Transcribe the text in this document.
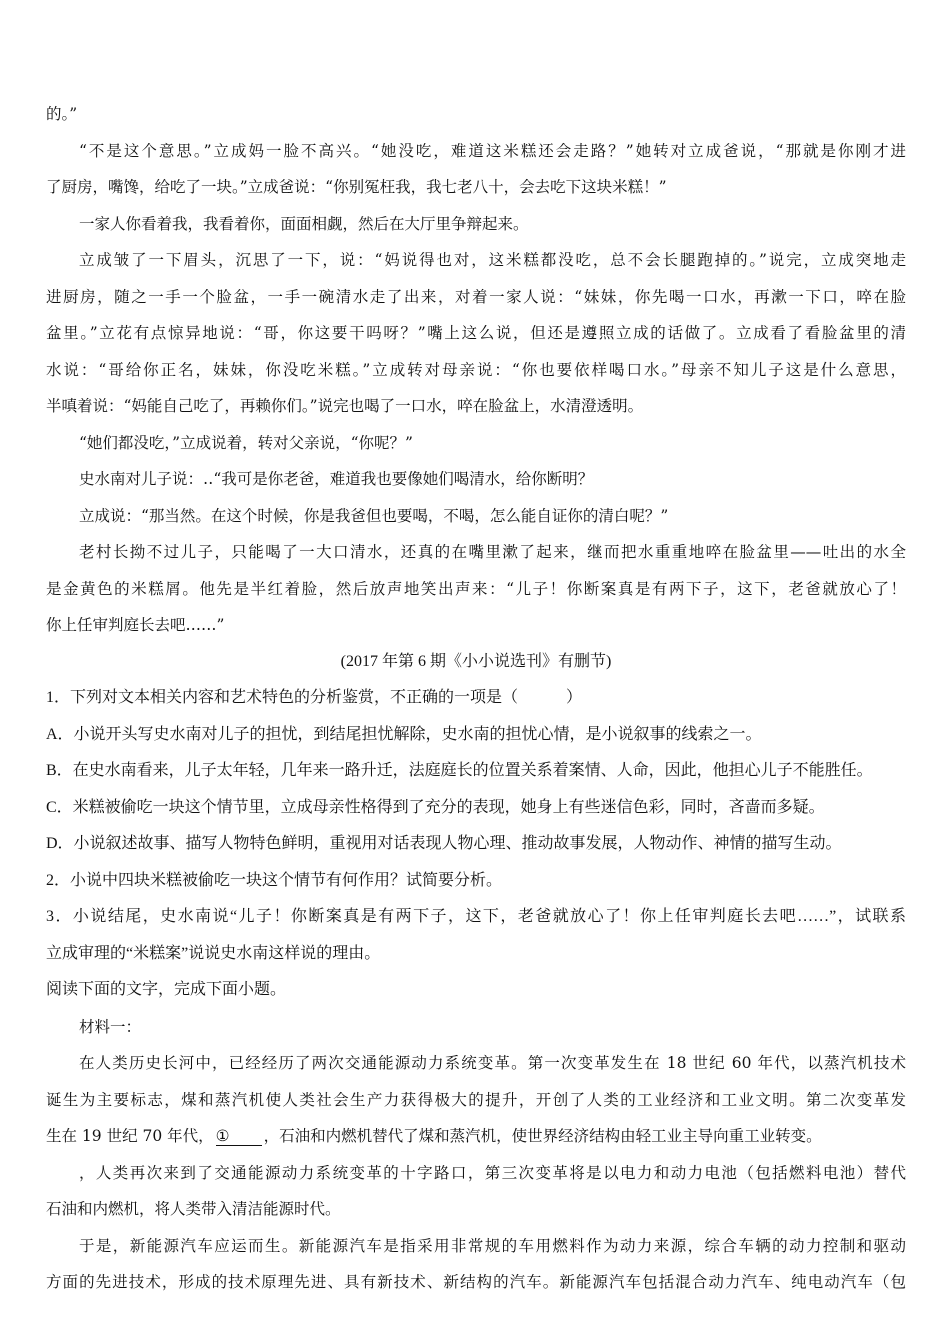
的。”
“不是这个意思。”立成妈一脸不高兴。“她没吃，难道这米糕还会走路？”她转对立成爸说，“那就是你刚才进
了厨房，嘴馋，给吃了一块。”立成爸说：“你别冤枉我，我七老八十，会去吃下这块米糕！”
一家人你看着我，我看着你，面面相觑，然后在大厅里争辩起来。
立成皱了一下眉头，沉思了一下，说：“妈说得也对，这米糕都没吃，总不会长腿跑掉的。”说完，立成突地走
进厨房，随之一手一个脸盆，一手一碗清水走了出来，对着一家人说：“妹妹，你先喝一口水，再漱一下口，啐在脸
盆里。”立花有点惊异地说：“哥，你这要干吗呀？”嘴上这么说，但还是遵照立成的话做了。立成看了看脸盆里的清
水说：“哥给你正名，妹妹，你没吃米糕。”立成转对母亲说：“你也要依样喝口水。”母亲不知儿子这是什么意思，
半嗔着说：“妈能自己吃了，再赖你们。”说完也喝了一口水，啐在脸盆上，水清澄透明。
“她们都没吃，”立成说着，转对父亲说，“你呢？”
史水南对儿子说：‥“我可是你老爸，难道我也要像她们喝清水，给你断明？
立成说：“那当然。在这个时候，你是我爸但也要喝，不喝，怎么能自证你的清白呢？”
老村长拗不过儿子，只能喝了一大口清水，还真的在嘴里漱了起来，继而把水重重地啐在脸盆里——吐出的水全
是金黄色的米糕屑。他先是半红着脸，然后放声地笑出声来：“儿子！你断案真是有两下子，这下，老爸就放心了！
你上任审判庭长去吧……”
(2017 年第 6 期《小小说选刊》有删节)
1．下列对文本相关内容和艺术特色的分析鉴赏，不正确的一项是（　　　）
A．小说开头写史水南对儿子的担忧，到结尾担忧解除，史水南的担忧心情，是小说叙事的线索之一。
B．在史水南看来，儿子太年轻，几年来一路升迁，法庭庭长的位置关系着案情、人命，因此，他担心儿子不能胜任。
C．米糕被偷吃一块这个情节里，立成母亲性格得到了充分的表现，她身上有些迷信色彩，同时，吝啬而多疑。
D．小说叙述故事、描写人物特色鲜明，重视用对话表现人物心理、推动故事发展，人物动作、神情的描写生动。
2．小说中四块米糕被偷吃一块这个情节有何作用？试简要分析。
3．小说结尾，史水南说“儿子！你断案真是有两下子，这下，老爸就放心了！你上任审判庭长去吧……”，试联系
立成审理的“米糕案”说说史水南这样说的理由。
阅读下面的文字，完成下面小题。
材料一：
在人类历史长河中，已经经历了两次交通能源动力系统变革。第一次变革发生在 18 世纪 60 年代，以蒸汽机技术
诞生为主要标志，煤和蒸汽机使人类社会生产力获得极大的提升，开创了人类的工业经济和工业文明。第二次变革发
生在 19 世纪 70 年代， ① ，石油和内燃机替代了煤和蒸汽机，使世界经济结构由轻工业主导向重工业转变。
，人类再次来到了交通能源动力系统变革的十字路口，第三次变革将是以电力和动力电池（包括燃料电池）替代
石油和内燃机，将人类带入清洁能源时代。
于是，新能源汽车应运而生。新能源汽车是指采用非常规的车用燃料作为动力来源，综合车辆的动力控制和驱动
方面的先进技术，形成的技术原理先进、具有新技术、新结构的汽车。新能源汽车包括混合动力汽车、纯电动汽车（包
